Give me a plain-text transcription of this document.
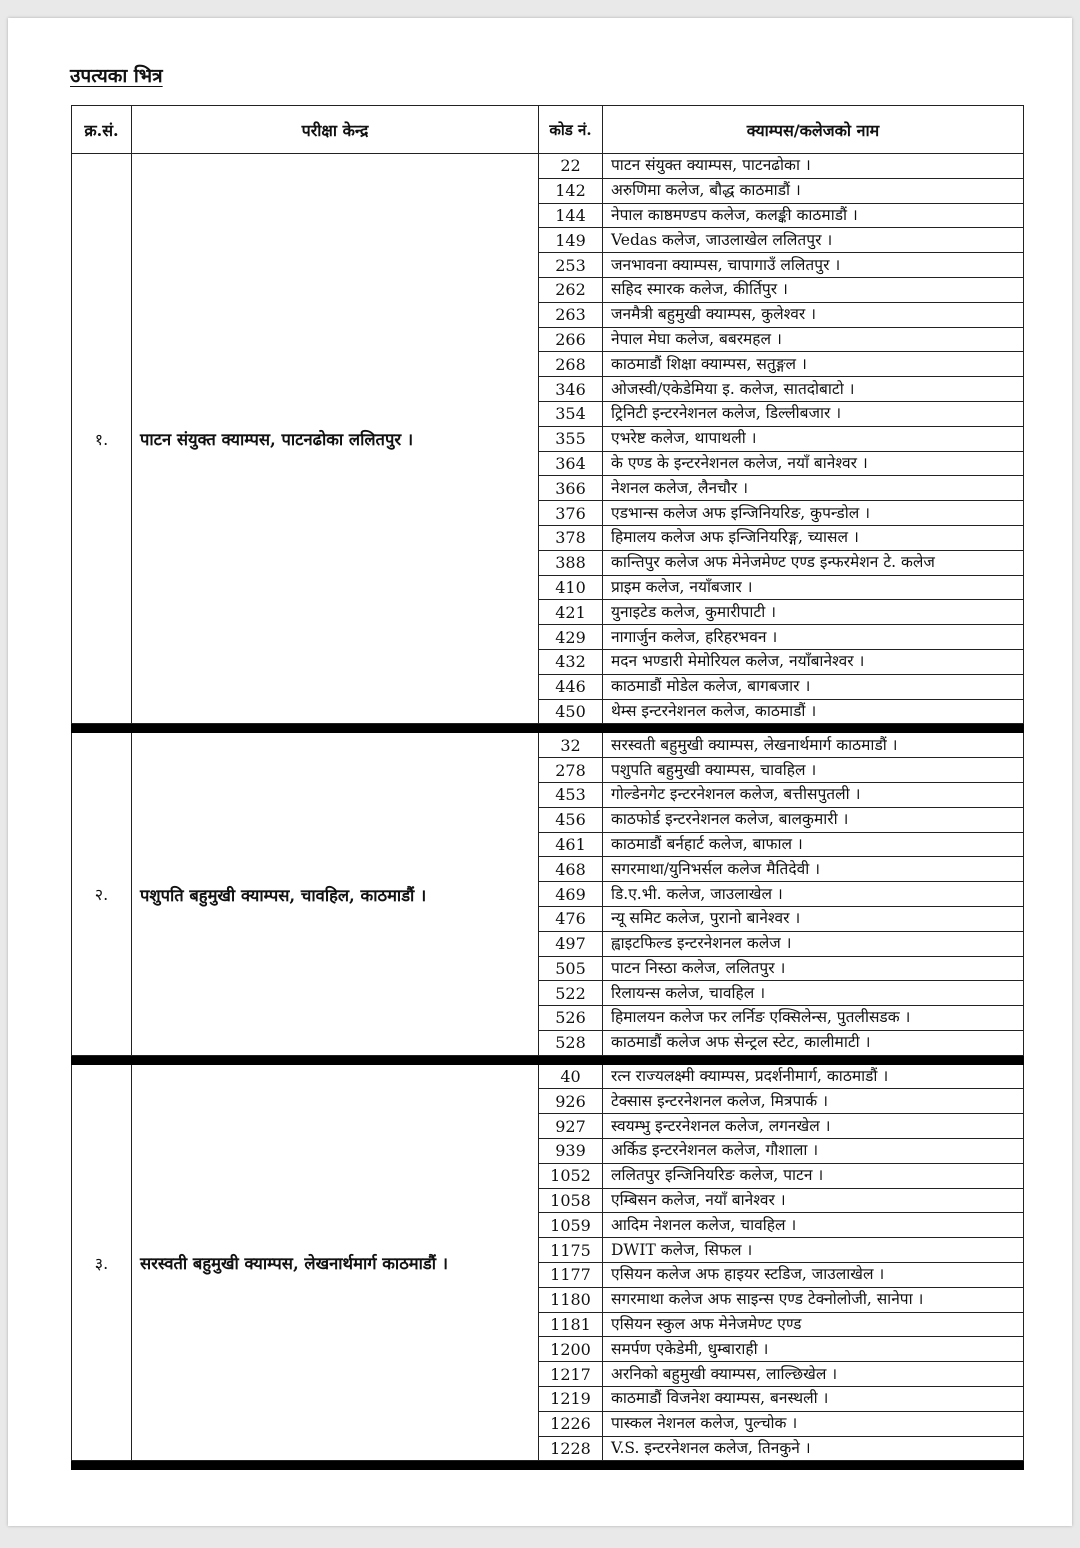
उपत्यका भित्र
क्र.सं.	परीक्षा केन्द्र	कोड नं.	क्याम्पस/कलेजको नाम
१.	पाटन संयुक्त क्याम्पस, पाटनढोका ललितपुर ।	22	पाटन संयुक्त क्याम्पस, पाटनढोका ।
		142	अरुणिमा कलेज, बौद्ध काठमाडौं ।
		144	नेपाल काष्ठमण्डप कलेज, कलङ्की काठमाडौं ।
		149	Vedas कलेज, जाउलाखेल ललितपुर ।
		253	जनभावना क्याम्पस, चापागाउँ ललितपुर ।
		262	सहिद स्मारक कलेज, कीर्तिपुर ।
		263	जनमैत्री बहुमुखी क्याम्पस, कुलेश्वर ।
		266	नेपाल मेघा कलेज, बबरमहल ।
		268	काठमाडौं शिक्षा क्याम्पस, सतुङ्गल ।
		346	ओजस्वी/एकेडेमिया इ. कलेज, सातदोबाटो ।
		354	ट्रिनिटी इन्टरनेशनल कलेज, डिल्लीबजार ।
		355	एभरेष्ट कलेज, थापाथली ।
		364	के एण्ड के इन्टरनेशनल कलेज, नयाँ बानेश्वर ।
		366	नेशनल कलेज, लैनचौर ।
		376	एडभान्स कलेज अफ इन्जिनियरिङ, कुपन्डोल ।
		378	हिमालय कलेज अफ इन्जिनियरिङ्ग, च्यासल ।
		388	कान्तिपुर कलेज अफ मेनेजमेण्ट एण्ड इन्फरमेशन टे. कलेज
		410	प्राइम कलेज, नयाँबजार ।
		421	युनाइटेड कलेज, कुमारीपाटी ।
		429	नागार्जुन कलेज, हरिहरभवन ।
		432	मदन भण्डारी मेमोरियल कलेज, नयाँबानेश्वर ।
		446	काठमाडौं मोडेल कलेज, बागबजार ।
		450	थेम्स इन्टरनेशनल कलेज, काठमाडौं ।

२.	पशुपति बहुमुखी क्याम्पस, चावहिल, काठमाडौं ।	32	सरस्वती बहुमुखी क्याम्पस, लेखनार्थमार्ग काठमाडौं ।
		278	पशुपति बहुमुखी क्याम्पस, चावहिल ।
		453	गोल्डेनगेट इन्टरनेशनल कलेज, बत्तीसपुतली ।
		456	काठफोर्ड इन्टरनेशनल कलेज, बालकुमारी ।
		461	काठमाडौं बर्नहार्ट कलेज, बाफाल ।
		468	सगरमाथा/युनिभर्सल कलेज मैतिदेवी ।
		469	डि.ए.भी. कलेज, जाउलाखेल ।
		476	न्यू समिट कलेज, पुरानो बानेश्वर ।
		497	ह्वाइटफिल्ड इन्टरनेशनल कलेज ।
		505	पाटन निस्ठा कलेज, ललितपुर ।
		522	रिलायन्स कलेज, चावहिल ।
		526	हिमालयन कलेज फर लर्निङ एक्सिलेन्स, पुतलीसडक ।
		528	काठमाडौं कलेज अफ सेन्ट्रल स्टेट, कालीमाटी ।

३.	सरस्वती बहुमुखी क्याम्पस, लेखनार्थमार्ग काठमाडौं ।	40	रत्न राज्यलक्ष्मी क्याम्पस, प्रदर्शनीमार्ग, काठमाडौं ।
		926	टेक्सास इन्टरनेशनल कलेज, मित्रपार्क ।
		927	स्वयम्भु इन्टरनेशनल कलेज, लगनखेल ।
		939	अर्किड इन्टरनेशनल कलेज, गौशाला ।
		1052	ललितपुर इन्जिनियरिङ कलेज, पाटन ।
		1058	एम्बिसन कलेज, नयाँ बानेश्वर ।
		1059	आदिम नेशनल कलेज, चावहिल ।
		1175	DWIT कलेज, सिफल ।
		1177	एसियन कलेज अफ हाइयर स्टडिज, जाउलाखेल ।
		1180	सगरमाथा कलेज अफ साइन्स एण्ड टेक्नोलोजी, सानेपा ।
		1181	एसियन स्कुल अफ मेनेजमेण्ट एण्ड
		1200	समर्पण एकेडेमी, धुम्बाराही ।
		1217	अरनिको बहुमुखी क्याम्पस, लाल्छिखेल ।
		1219	काठमाडौं विजनेश क्याम्पस, बनस्थली ।
		1226	पास्कल नेशनल कलेज, पुल्चोक ।
		1228	V.S. इन्टरनेशनल कलेज, तिनकुने ।
